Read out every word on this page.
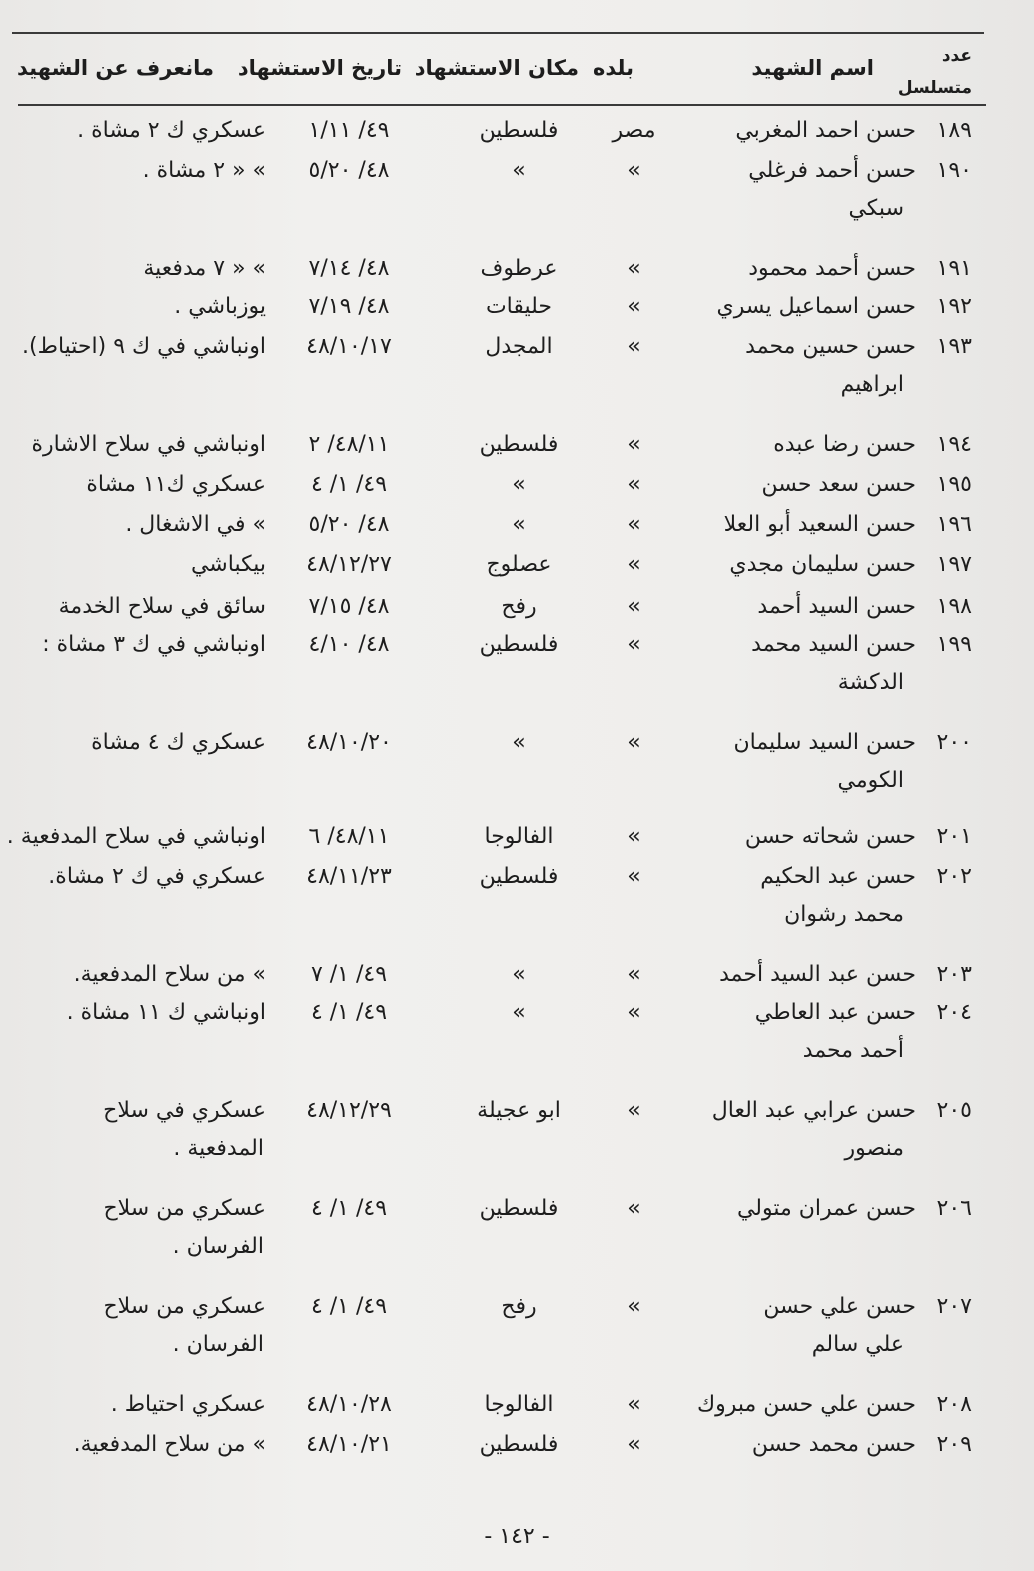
عدد
متسلسل
اسم الشهيد
بلده
مكان الاستشهاد
تاريخ الاستشهاد
مانعرف عن الشهيد
١٨٩
حسن احمد المغربي
مصر
فلسطين
٤٩/ ١/١١
عسكري ك ٢ مشاة .
١٩٠
حسن أحمد فرغلي
»
»
٤٨/ ٥/٢٠
» « ٢ مشاة .
سبكي
١٩١
حسن أحمد محمود
»
عرطوف
٤٨/ ٧/١٤
» « ٧ مدفعية
١٩٢
حسن اسماعيل يسري
»
حليقات
٤٨/ ٧/١٩
يوزباشي .
١٩٣
حسن حسين محمد
»
المجدل
٤٨/١٠/١٧
اونباشي في ك ٩ (احتياط).
ابراهيم
١٩٤
حسن رضا عبده
»
فلسطين
٤٨/١١/ ٢
اونباشي في سلاح الاشارة
١٩٥
حسن سعد حسن
»
»
٤٩/ ١/ ٤
عسكري ك١١ مشاة
١٩٦
حسن السعيد أبو العلا
»
»
٤٨/ ٥/٢٠
» في الاشغال .
١٩٧
حسن سليمان مجدي
»
عصلوج
٤٨/١٢/٢٧
بيكباشي
١٩٨
حسن السيد أحمد
»
رفح
٤٨/ ٧/١٥
سائق في سلاح الخدمة
١٩٩
حسن السيد محمد
»
فلسطين
٤٨/ ٤/١٠
اونباشي في ك ٣ مشاة :
الدكشة
٢٠٠
حسن السيد سليمان
»
»
٤٨/١٠/٢٠
عسكري ك ٤ مشاة
الكومي
٢٠١
حسن شحاته حسن
»
الفالوجا
٤٨/١١/ ٦
اونباشي في سلاح المدفعية .
٢٠٢
حسن عبد الحكيم
»
فلسطين
٤٨/١١/٢٣
عسكري في ك ٢ مشاة.
محمد رشوان
٢٠٣
حسن عبد السيد أحمد
»
»
٤٩/ ١/ ٧
» من سلاح المدفعية.
٢٠٤
حسن عبد العاطي
»
»
٤٩/ ١/ ٤
اونباشي ك ١١ مشاة .
أحمد محمد
٢٠٥
حسن عرابي عبد العال
»
ابو عجيلة
٤٨/١٢/٢٩
عسكري في سلاح
منصور
المدفعية .
٢٠٦
حسن عمران متولي
»
فلسطين
٤٩/ ١/ ٤
عسكري من سلاح
الفرسان .
٢٠٧
حسن علي حسن
»
رفح
٤٩/ ١/ ٤
عسكري من سلاح
علي سالم
الفرسان .
٢٠٨
حسن علي حسن مبروك
»
الفالوجا
٤٨/١٠/٢٨
عسكري احتياط .
٢٠٩
حسن محمد حسن
»
فلسطين
٤٨/١٠/٢١
» من سلاح المدفعية.
- ١٤٢ -
